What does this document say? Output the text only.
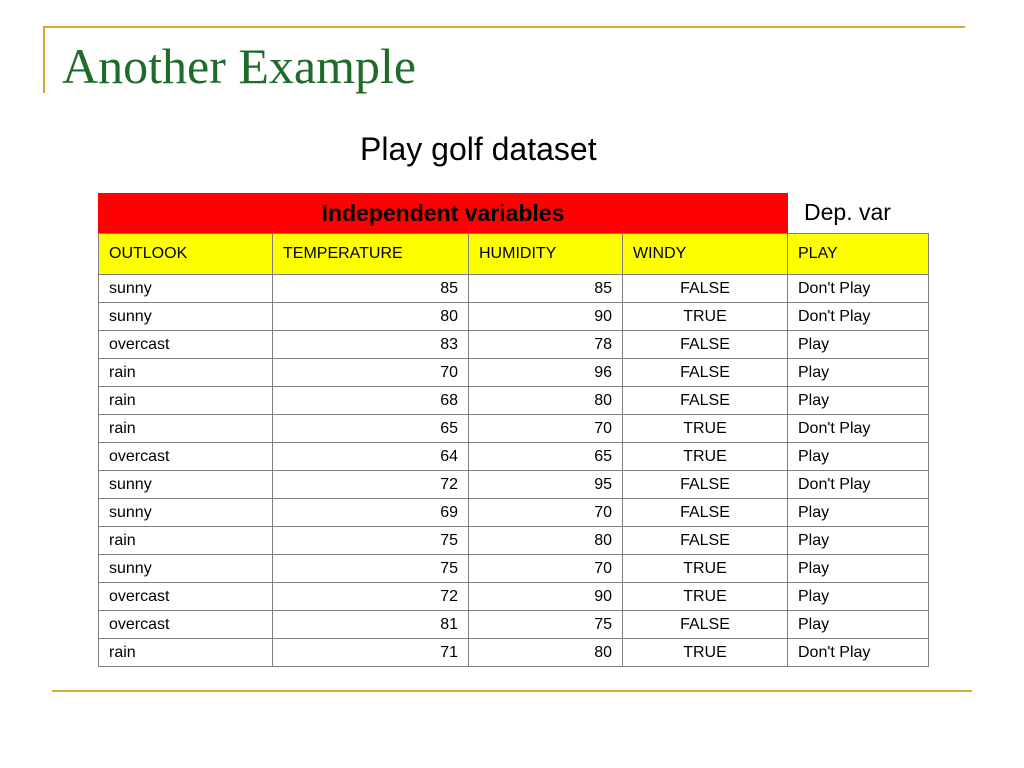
Another Example
Play golf dataset
Independent variables	Dep. var
OUTLOOK	TEMPERATURE	HUMIDITY	WINDY	PLAY
sunny	85	85	FALSE	Don't Play
sunny	80	90	TRUE	Don't Play
overcast	83	78	FALSE	Play
rain	70	96	FALSE	Play
rain	68	80	FALSE	Play
rain	65	70	TRUE	Don't Play
overcast	64	65	TRUE	Play
sunny	72	95	FALSE	Don't Play
sunny	69	70	FALSE	Play
rain	75	80	FALSE	Play
sunny	75	70	TRUE	Play
overcast	72	90	TRUE	Play
overcast	81	75	FALSE	Play
rain	71	80	TRUE	Don't Play
